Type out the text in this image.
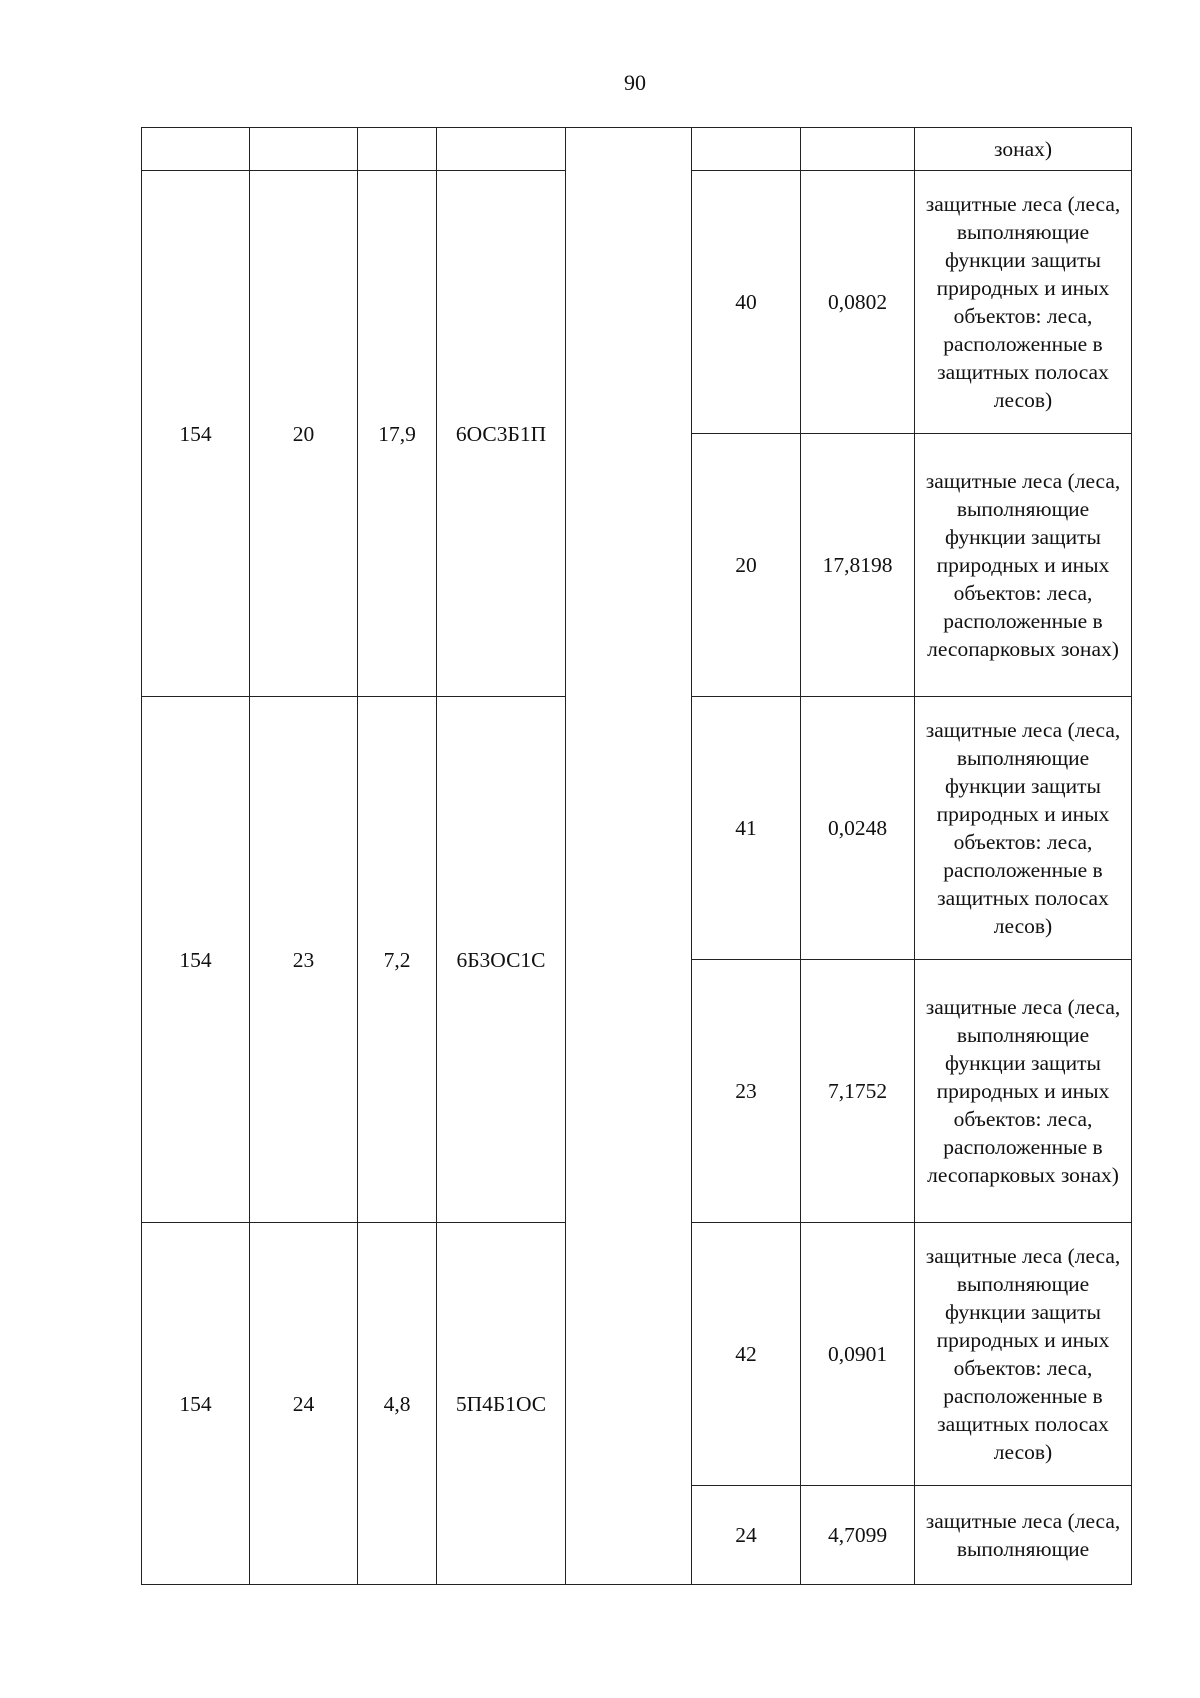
90
							зонах)
154	20	17,9	6ОС3Б1П		40	0,0802	защитные леса (леса, выполняющие функции защиты природных и иных объектов: леса, расположенные в защитных полосах лесов)
					20	17,8198	защитные леса (леса, выполняющие функции защиты природных и иных объектов: леса, расположенные в лесопарковых зонах)
154	23	7,2	6Б3ОС1С		41	0,0248	защитные леса (леса, выполняющие функции защиты природных и иных объектов: леса, расположенные в защитных полосах лесов)
					23	7,1752	защитные леса (леса, выполняющие функции защиты природных и иных объектов: леса, расположенные в лесопарковых зонах)
154	24	4,8	5П4Б1ОС		42	0,0901	защитные леса (леса, выполняющие функции защиты природных и иных объектов: леса, расположенные в защитных полосах лесов)
					24	4,7099	защитные леса (леса, выполняющие
